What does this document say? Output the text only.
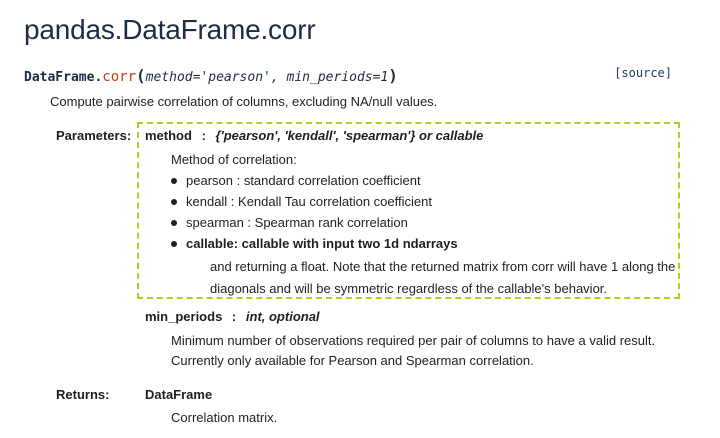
pandas.DataFrame.corr
DataFrame.corr(method='pearson', min_periods=1)	[source]
Compute pairwise correlation of columns, excluding NA/null values.
Parameters: method : {'pearson', 'kendall', 'spearman'} or callable
Method of correlation:
pearson : standard correlation coefficient
kendall : Kendall Tau correlation coefficient
spearman : Spearman rank correlation
callable: callable with input two 1d ndarrays
and returning a float. Note that the returned matrix from corr will have 1 along the diagonals and will be symmetric regardless of the callable's behavior.
min_periods : int, optional
Minimum number of observations required per pair of columns to have a valid result.
Currently only available for Pearson and Spearman correlation.
Returns:	DataFrame
Correlation matrix.
